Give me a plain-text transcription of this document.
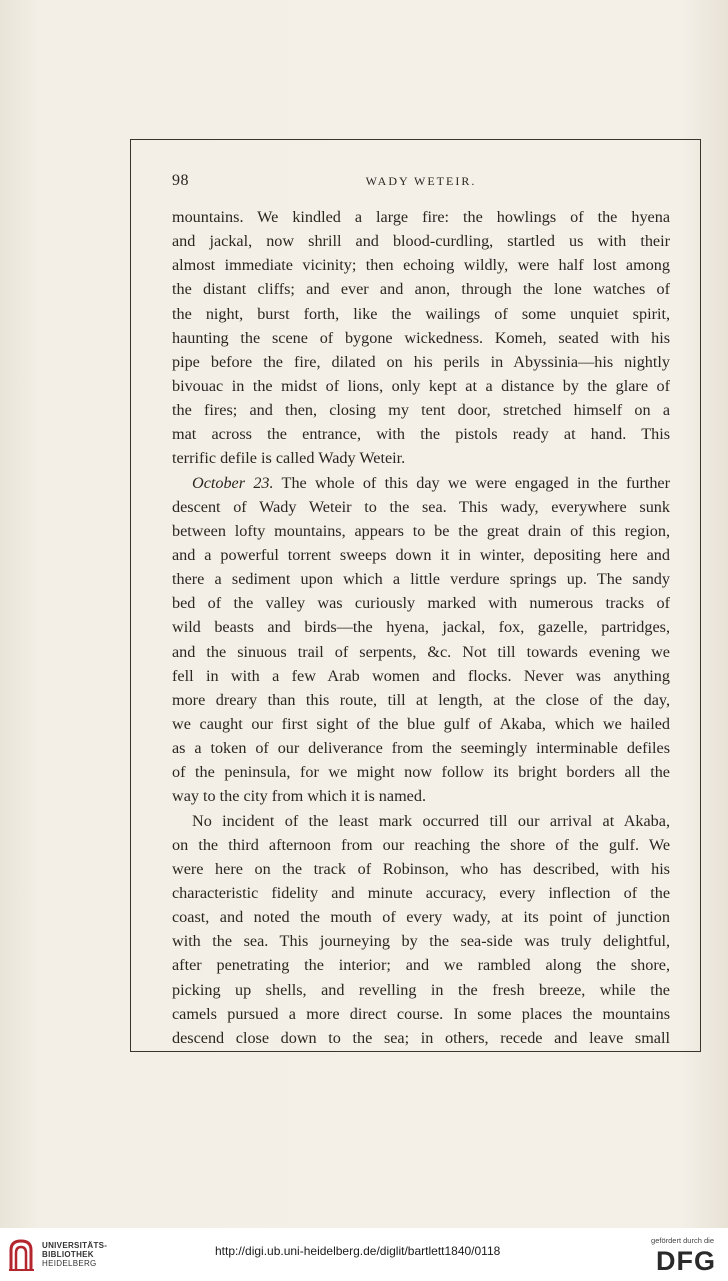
98	WADY WETEIR.
mountains. We kindled a large fire: the howlings of the hyena
and jackal, now shrill and blood-curdling, startled us with their
almost immediate vicinity; then echoing wildly, were half lost among
the distant cliffs; and ever and anon, through the lone watches of
the night, burst forth, like the wailings of some unquiet spirit,
haunting the scene of bygone wickedness. Komeh, seated with his
pipe before the fire, dilated on his perils in Abyssinia—his nightly
bivouac in the midst of lions, only kept at a distance by the glare of
the fires; and then, closing my tent door, stretched himself on a
mat across the entrance, with the pistols ready at hand. This
terrific defile is called Wady Weteir.
October 23. The whole of this day we were engaged in the further
descent of Wady Weteir to the sea. This wady, everywhere sunk
between lofty mountains, appears to be the great drain of this region,
and a powerful torrent sweeps down it in winter, depositing here and
there a sediment upon which a little verdure springs up. The sandy
bed of the valley was curiously marked with numerous tracks of
wild beasts and birds—the hyena, jackal, fox, gazelle, partridges,
and the sinuous trail of serpents, &c. Not till towards evening we
fell in with a few Arab women and flocks. Never was anything
more dreary than this route, till at length, at the close of the day,
we caught our first sight of the blue gulf of Akaba, which we hailed
as a token of our deliverance from the seemingly interminable defiles
of the peninsula, for we might now follow its bright borders all the
way to the city from which it is named.
No incident of the least mark occurred till our arrival at Akaba,
on the third afternoon from our reaching the shore of the gulf. We
were here on the track of Robinson, who has described, with his
characteristic fidelity and minute accuracy, every inflection of the
coast, and noted the mouth of every wady, at its point of junction
with the sea. This journeying by the sea-side was truly delightful,
after penetrating the interior; and we rambled along the shore,
picking up shells, and revelling in the fresh breeze, while the
camels pursued a more direct course. In some places the mountains
descend close down to the sea; in others, recede and leave small
UNIVERSITÄTS-
BIBLIOTHEK
HEIDELBERG
http://digi.ub.uni-heidelberg.de/diglit/bartlett1840/0118
gefördert durch die
DFG
